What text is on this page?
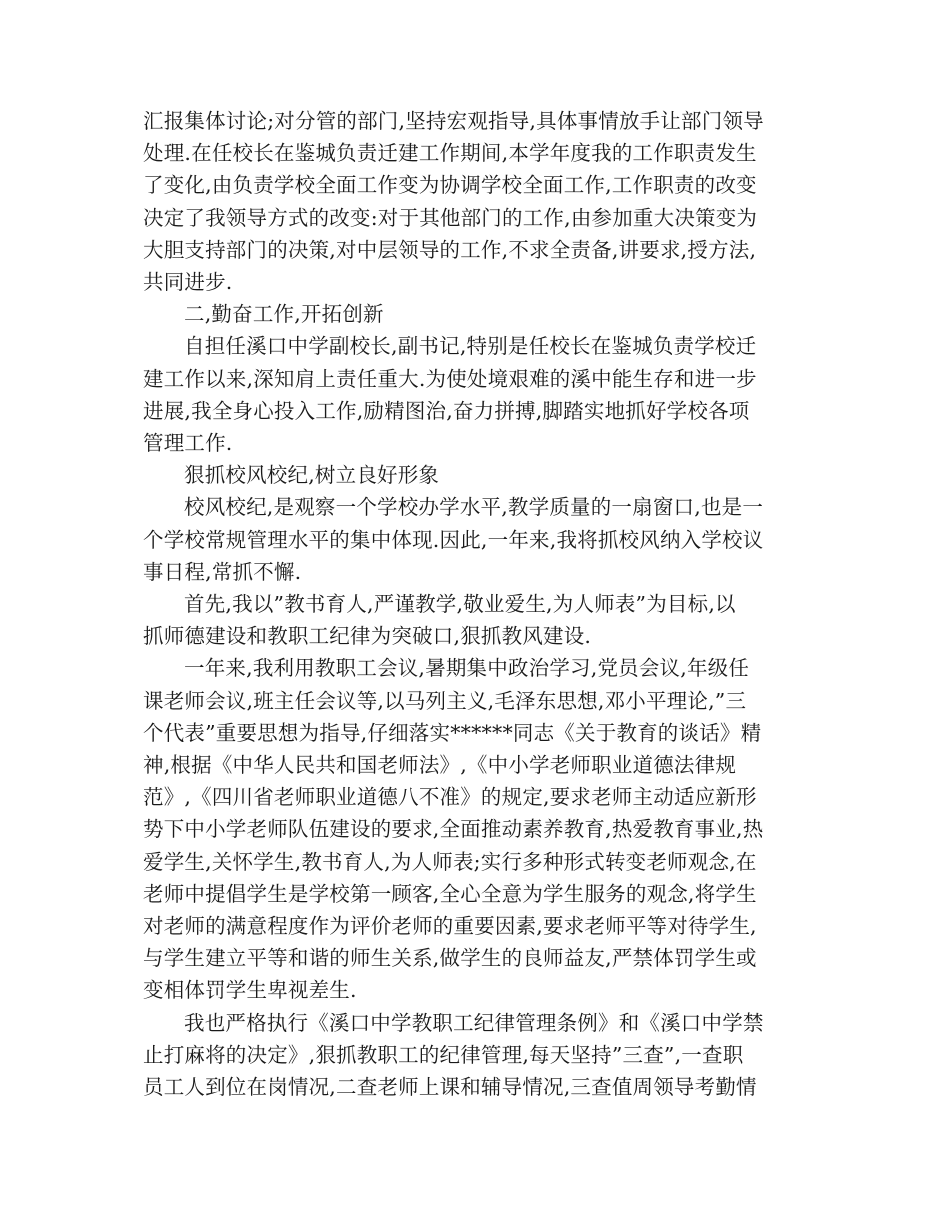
汇报集体讨论;对分管的部门,坚持宏观指导,具体事情放手让部门领导
处理.在任校长在鉴城负责迁建工作期间,本学年度我的工作职责发生
了变化,由负责学校全面工作变为协调学校全面工作,工作职责的改变
决定了我领导方式的改变:对于其他部门的工作,由参加重大决策变为
大胆支持部门的决策,对中层领导的工作,不求全责备,讲要求,授方法,
共同进步.
二,勤奋工作,开拓创新
自担任溪口中学副校长,副书记,特别是任校长在鉴城负责学校迁
建工作以来,深知肩上责任重大.为使处境艰难的溪中能生存和进一步
进展,我全身心投入工作,励精图治,奋力拼搏,脚踏实地抓好学校各项
管理工作.
狠抓校风校纪,树立良好形象
校风校纪,是观察一个学校办学水平,教学质量的一扇窗口,也是一
个学校常规管理水平的集中体现.因此,一年来,我将抓校风纳入学校议
事日程,常抓不懈.
首先,我以”教书育人,严谨教学,敬业爱生,为人师表”为目标,以
抓师德建设和教职工纪律为突破口,狠抓教风建设.
一年来,我利用教职工会议,暑期集中政治学习,党员会议,年级任
课老师会议,班主任会议等,以马列主义,毛泽东思想,邓小平理论,”三
个代表”重要思想为指导,仔细落实******同志《关于教育的谈话》精
神,根据《中华人民共和国老师法》,《中小学老师职业道德法律规
范》,《四川省老师职业道德八不准》的规定,要求老师主动适应新形
势下中小学老师队伍建设的要求,全面推动素养教育,热爱教育事业,热
爱学生,关怀学生,教书育人,为人师表;实行多种形式转变老师观念,在
老师中提倡学生是学校第一顾客,全心全意为学生服务的观念,将学生
对老师的满意程度作为评价老师的重要因素,要求老师平等对待学生,
与学生建立平等和谐的师生关系,做学生的良师益友,严禁体罚学生或
变相体罚学生卑视差生.
我也严格执行《溪口中学教职工纪律管理条例》和《溪口中学禁
止打麻将的决定》,狠抓教职工的纪律管理,每天坚持”三查”,一查职
员工人到位在岗情况,二查老师上课和辅导情况,三查值周领导考勤情
